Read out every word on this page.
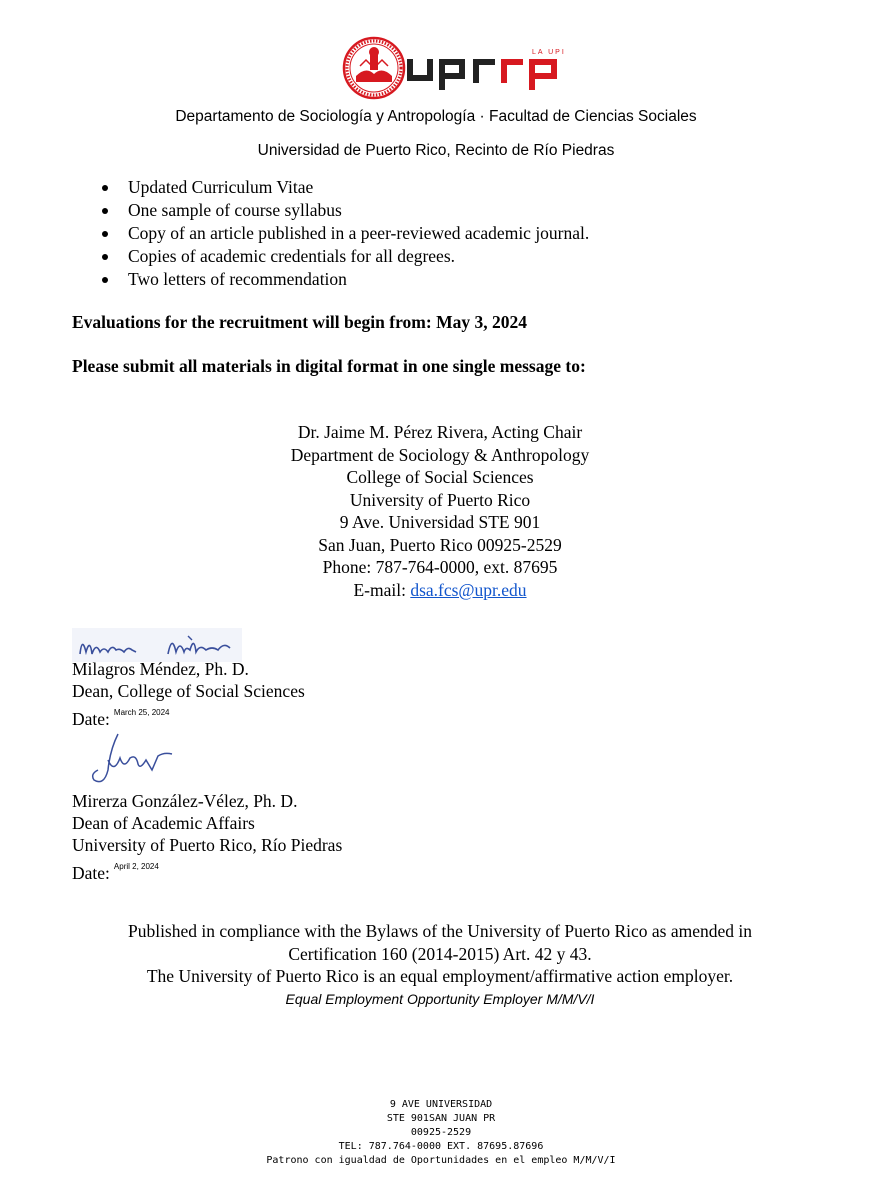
LA UPI
upr rp
Departamento de Sociología y Antropología · Facultad de Ciencias Sociales
Universidad de Puerto Rico, Recinto de Río Piedras
Updated Curriculum Vitae
One sample of course syllabus
Copy of an article published in a peer-reviewed academic journal.
Copies of academic credentials for all degrees.
Two letters of recommendation
Evaluations for the recruitment will begin from: May 3, 2024
Please submit all materials in digital format in one single message to:
Dr. Jaime M. Pérez Rivera, Acting Chair
Department de Sociology & Anthropology
College of Social Sciences
University of Puerto Rico
9 Ave. Universidad STE 901
San Juan, Puerto Rico 00925-2529
Phone: 787-764-0000, ext. 87695
E-mail: dsa.fcs@upr.edu
Milagros Méndez, Ph. D.
Dean, College of Social Sciences
Date: $^{March 25, 2024}$
Mirerza González-Vélez, Ph. D.
Dean of Academic Affairs
University of Puerto Rico, Río Piedras
Date: $^{April 2, 2024}$
Published in compliance with the Bylaws of the University of Puerto Rico as amended in
Certification 160 (2014-2015) Art. 42 y 43.
The University of Puerto Rico is an equal employment/affirmative action employer.
Equal Employment Opportunity Employer M/M/V/I
9 AVE UNIVERSIDAD
STE 901SAN JUAN PR
00925-2529
TEL: 787.764-0000 EXT. 87695.87696
Patrono con igualdad de Oportunidades en el empleo M/M/V/I
